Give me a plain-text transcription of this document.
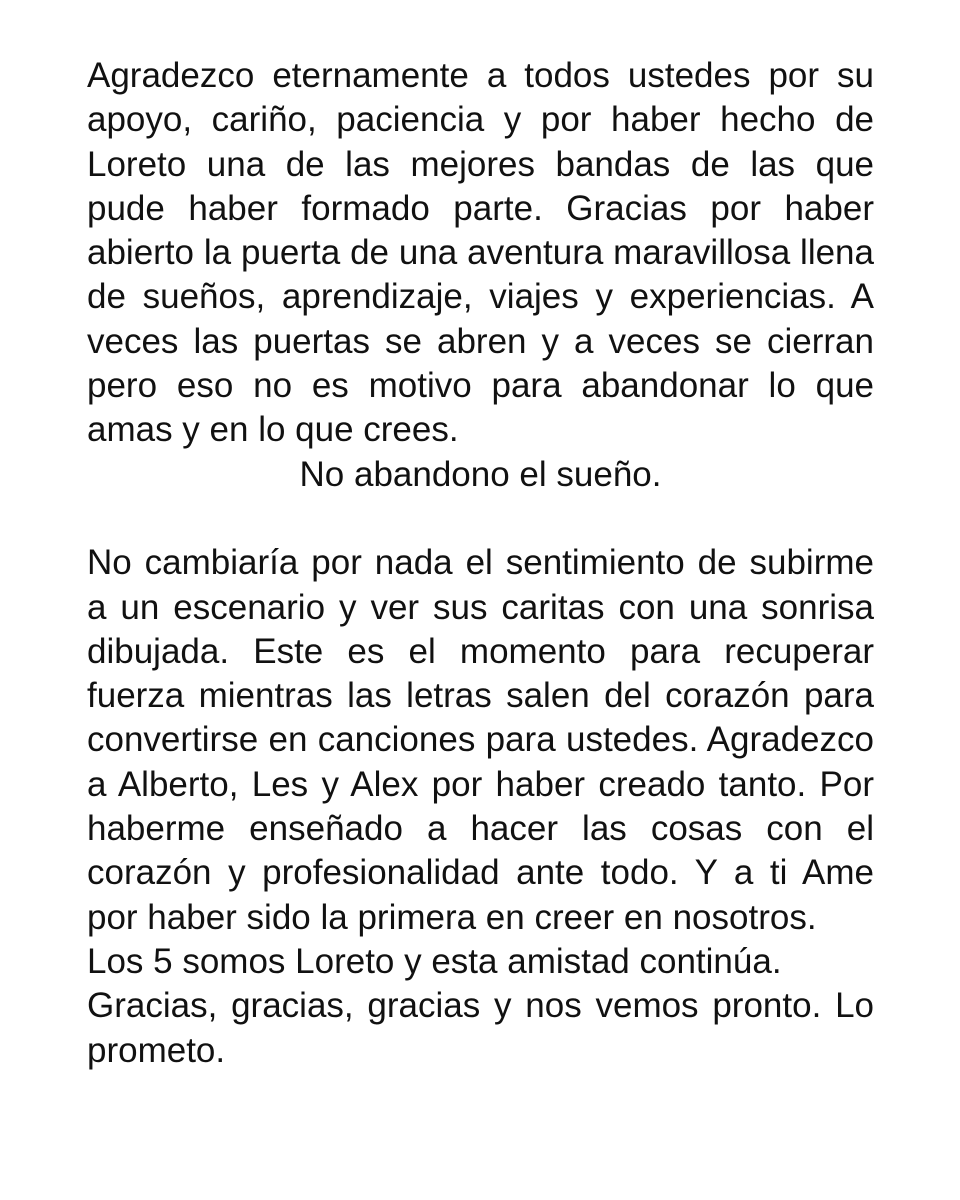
Agradezco eternamente a todos ustedes por su apoyo, cariño, paciencia y por haber hecho de Loreto una de las mejores bandas de las que pude haber formado parte. Gracias por haber abierto la puerta de una aventura maravillosa llena de sueños, aprendizaje, viajes y experiencias. A veces las puertas se abren y a veces se cierran pero eso no es motivo para abandonar lo que amas y en lo que crees.

No abandono el sueño.

No cambiaría por nada el sentimiento de subirme a un escenario y ver sus caritas con una sonrisa dibujada. Este es el momento para recuperar fuerza mientras las letras salen del corazón para convertirse en canciones para ustedes. Agradezco a Alberto, Les y Alex por haber creado tanto. Por haberme enseñado a hacer las cosas con el corazón y profesionalidad ante todo. Y a ti Ame por haber sido la primera en creer en nosotros.

Los 5 somos Loreto y esta amistad continúa.

Gracias, gracias, gracias y nos vemos pronto. Lo prometo.
